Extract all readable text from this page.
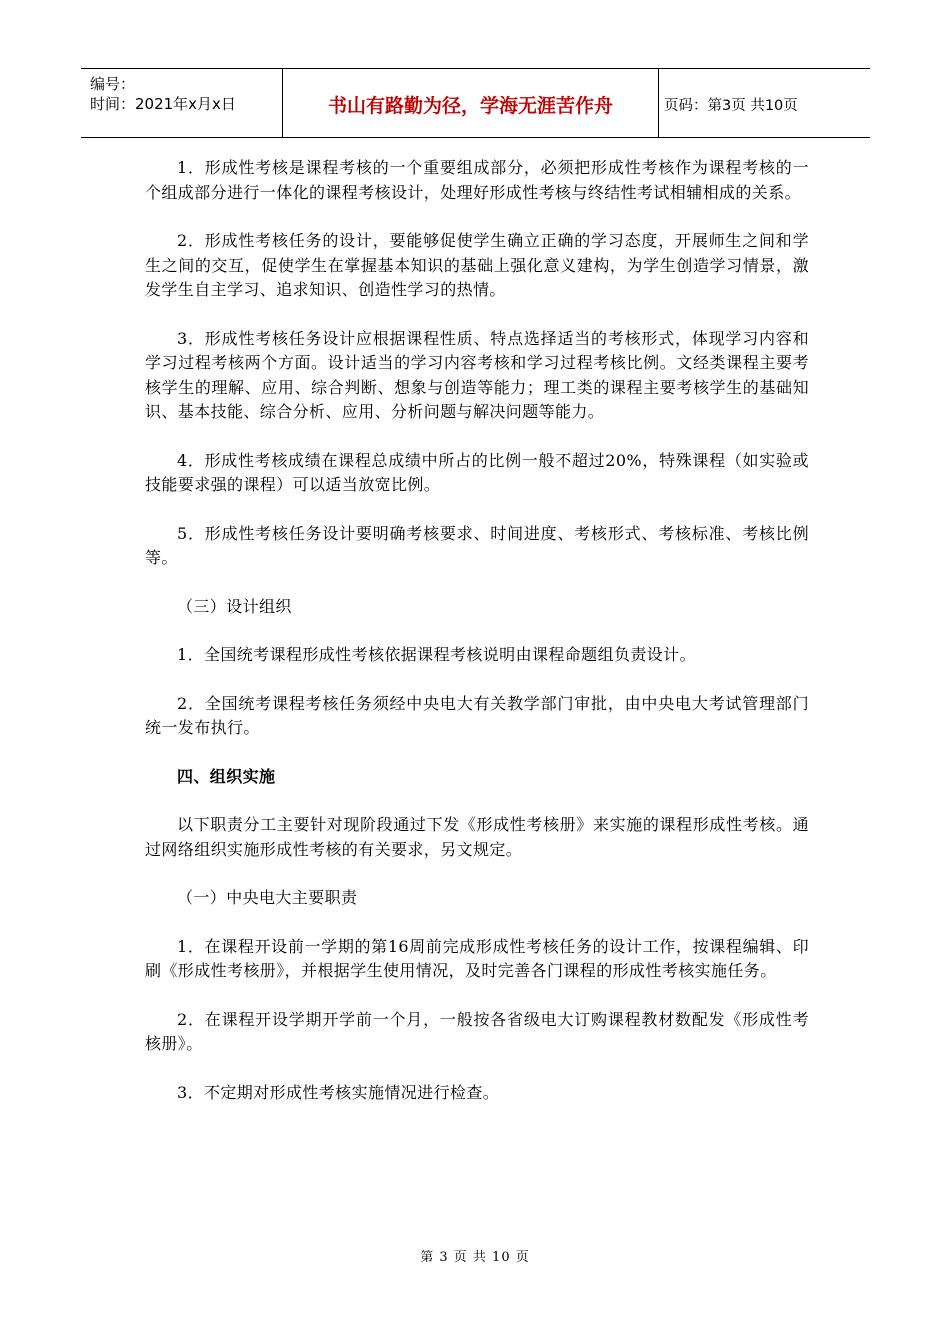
编号：
时间：2021年x月x日	书山有路勤为径，学海无涯苦作舟	页码：第3页 共10页

1．形成性考核是课程考核的一个重要组成部分，必须把形成性考核作为课程考核的一个组成部分进行一体化的课程考核设计，处理好形成性考核与终结性考试相辅相成的关系。

2．形成性考核任务的设计，要能够促使学生确立正确的学习态度，开展师生之间和学生之间的交互，促使学生在掌握基本知识的基础上强化意义建构，为学生创造学习情景，激发学生自主学习、追求知识、创造性学习的热情。

3．形成性考核任务设计应根据课程性质、特点选择适当的考核形式，体现学习内容和学习过程考核两个方面。设计适当的学习内容考核和学习过程考核比例。文经类课程主要考核学生的理解、应用、综合判断、想象与创造等能力；理工类的课程主要考核学生的基础知识、基本技能、综合分析、应用、分析问题与解决问题等能力。

4．形成性考核成绩在课程总成绩中所占的比例一般不超过20%，特殊课程（如实验或技能要求强的课程）可以适当放宽比例。

5．形成性考核任务设计要明确考核要求、时间进度、考核形式、考核标准、考核比例等。

（三）设计组织

1．全国统考课程形成性考核依据课程考核说明由课程命题组负责设计。

2．全国统考课程考核任务须经中央电大有关教学部门审批，由中央电大考试管理部门统一发布执行。

四、组织实施

以下职责分工主要针对现阶段通过下发《形成性考核册》来实施的课程形成性考核。通过网络组织实施形成性考核的有关要求，另文规定。

（一）中央电大主要职责

1．在课程开设前一学期的第16周前完成形成性考核任务的设计工作，按课程编辑、印刷《形成性考核册》，并根据学生使用情况，及时完善各门课程的形成性考核实施任务。

2．在课程开设学期开学前一个月，一般按各省级电大订购课程教材数配发《形成性考核册》。

3．不定期对形成性考核实施情况进行检查。

第 3 页 共 10 页
